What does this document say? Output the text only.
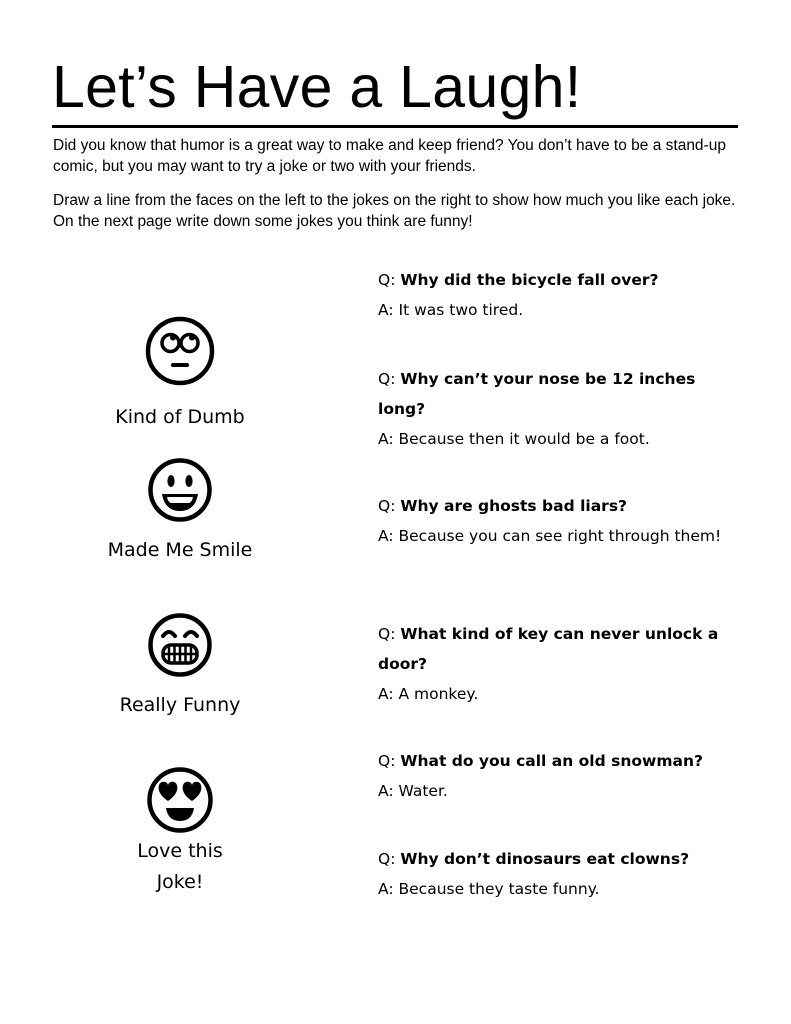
Let’s Have a Laugh!

Did you know that humor is a great way to make and keep friend? You don’t have to be a stand-up comic, but you may want to try a joke or two with your friends.

Draw a line from the faces on the left to the jokes on the right to show how much you like each joke. On the next page write down some jokes you think are funny!

Kind of Dumb
Made Me Smile
Really Funny
Love this
Joke!

Q: Why did the bicycle fall over?

A: It was two tired.

Q: Why can’t your nose be 12 inches long?

A: Because then it would be a foot.

Q: Why are ghosts bad liars?

A: Because you can see right through them!

Q: What kind of key can never unlock a door?

A: A monkey.

Q: What do you call an old snowman?

A: Water.

Q: Why don’t dinosaurs eat clowns?

A: Because they taste funny.
